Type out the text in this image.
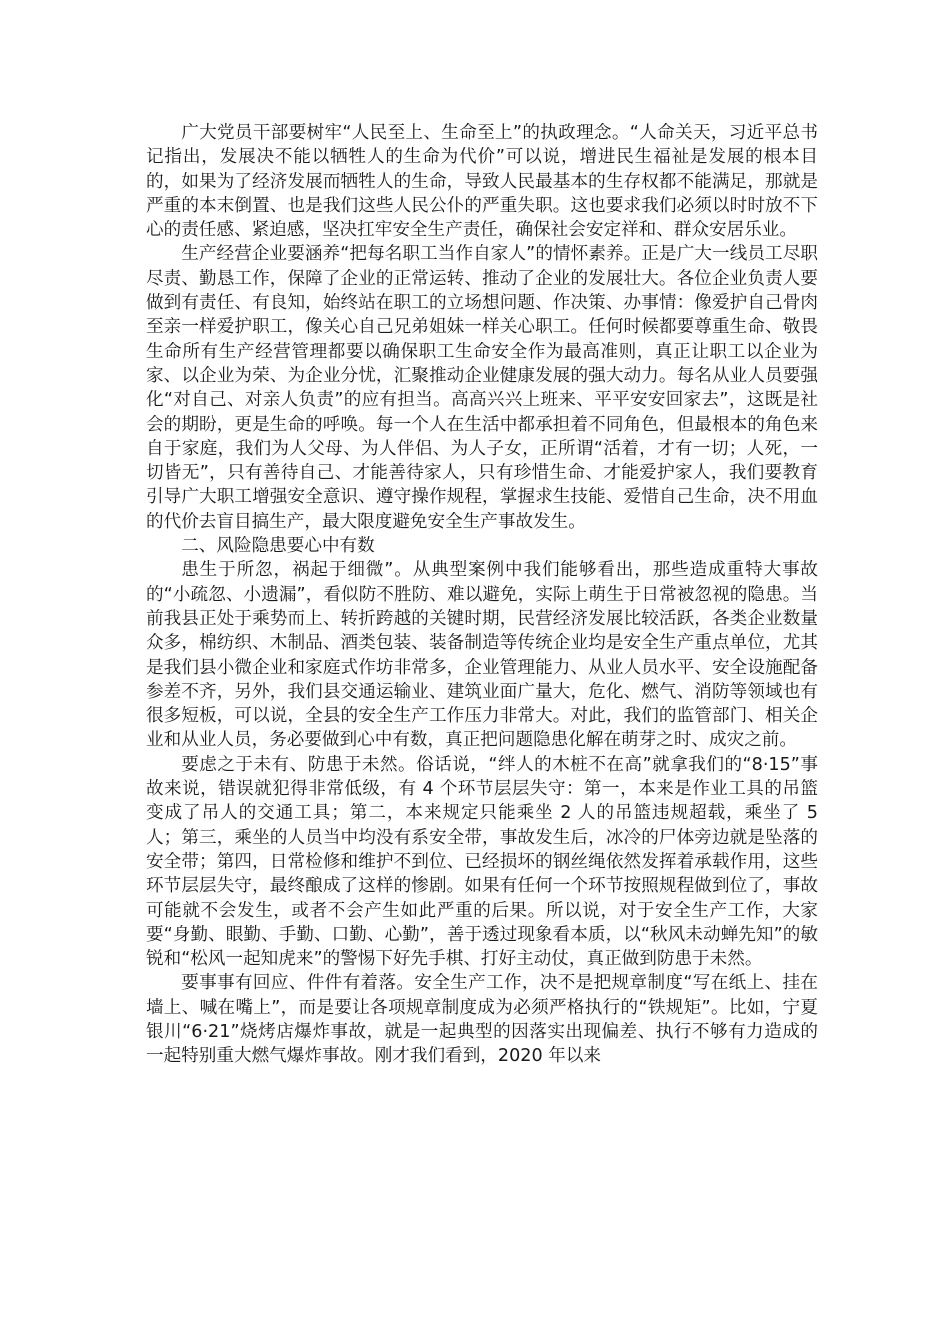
广大党员干部要树牢“人民至上、生命至上”的执政理念。“人命关天，习近平总书记指出，发展决不能以牺牲人的生命为代价”可以说，增进民生福祉是发展的根本目的，如果为了经济发展而牺牲人的生命，导致人民最基本的生存权都不能满足，那就是严重的本末倒置、也是我们这些人民公仆的严重失职。这也要求我们必须以时时放不下心的责任感、紧迫感，坚决扛牢安全生产责任，确保社会安定祥和、群众安居乐业。

生产经营企业要涵养“把每名职工当作自家人”的情怀素养。正是广大一线员工尽职尽责、勤恳工作，保障了企业的正常运转、推动了企业的发展壮大。各位企业负责人要做到有责任、有良知，始终站在职工的立场想问题、作决策、办事情：像爱护自己骨肉至亲一样爱护职工，像关心自己兄弟姐妹一样关心职工。任何时候都要尊重生命、敬畏生命所有生产经营管理都要以确保职工生命安全作为最高准则，真正让职工以企业为家、以企业为荣、为企业分忧，汇聚推动企业健康发展的强大动力。每名从业人员要强化“对自己、对亲人负责”的应有担当。高高兴兴上班来、平平安安回家去”，这既是社会的期盼，更是生命的呼唤。每一个人在生活中都承担着不同角色，但最根本的角色来自于家庭，我们为人父母、为人伴侣、为人子女，正所谓“活着，才有一切；人死，一切皆无”，只有善待自己、才能善待家人，只有珍惜生命、才能爱护家人，我们要教育引导广大职工增强安全意识、遵守操作规程，掌握求生技能、爱惜自己生命，决不用血的代价去盲目搞生产，最大限度避免安全生产事故发生。

二、风险隐患要心中有数

患生于所忽，祸起于细微”。从典型案例中我们能够看出，那些造成重特大事故的“小疏忽、小遗漏”，看似防不胜防、难以避免，实际上萌生于日常被忽视的隐患。当前我县正处于乘势而上、转折跨越的关键时期，民营经济发展比较活跃，各类企业数量众多，棉纺织、木制品、酒类包装、装备制造等传统企业均是安全生产重点单位，尤其是我们县小微企业和家庭式作坊非常多，企业管理能力、从业人员水平、安全设施配备参差不齐，另外，我们县交通运输业、建筑业面广量大，危化、燃气、消防等领域也有很多短板，可以说，全县的安全生产工作压力非常大。对此，我们的监管部门、相关企业和从业人员，务必要做到心中有数，真正把问题隐患化解在萌芽之时、成灾之前。

要虑之于未有、防患于未然。俗话说，“绊人的木桩不在高”就拿我们的“8·15”事故来说，错误就犯得非常低级，有 4 个环节层层失守：第一，本来是作业工具的吊篮变成了吊人的交通工具；第二，本来规定只能乘坐 2 人的吊篮违规超载，乘坐了 5 人；第三，乘坐的人员当中均没有系安全带，事故发生后，冰冷的尸体旁边就是坠落的安全带；第四，日常检修和维护不到位、已经损坏的钢丝绳依然发挥着承载作用，这些环节层层失守，最终酿成了这样的惨剧。如果有任何一个环节按照规程做到位了，事故可能就不会发生，或者不会产生如此严重的后果。所以说，对于安全生产工作，大家要“身勤、眼勤、手勤、口勤、心勤”，善于透过现象看本质，以“秋风未动蝉先知”的敏锐和“松风一起知虎来”的警惕下好先手棋、打好主动仗，真正做到防患于未然。

要事事有回应、件件有着落。安全生产工作，决不是把规章制度“写在纸上、挂在墙上、喊在嘴上”，而是要让各项规章制度成为必须严格执行的“铁规矩”。比如，宁夏银川“6·21”烧烤店爆炸事故，就是一起典型的因落实出现偏差、执行不够有力造成的一起特别重大燃气爆炸事故。刚才我们看到，2020 年以来
